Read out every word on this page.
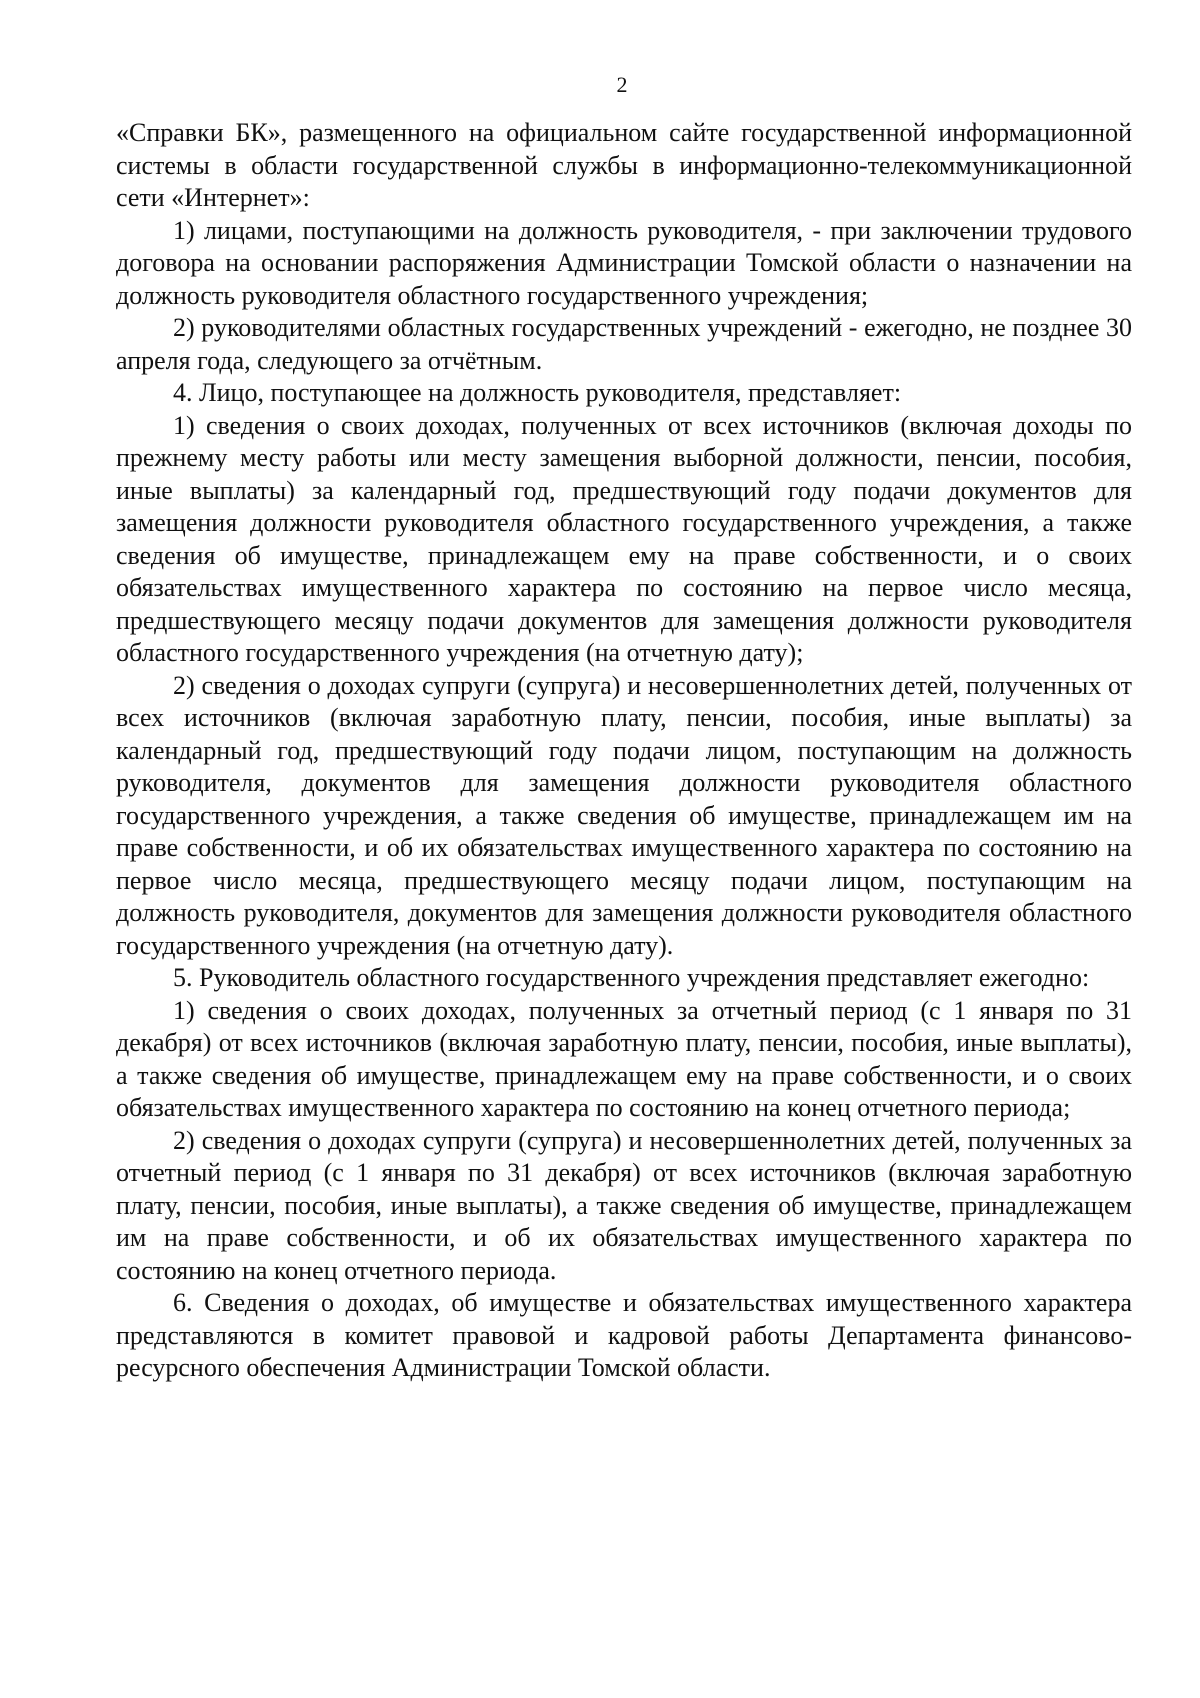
2

«Справки БК», размещенного на официальном сайте государственной информационной системы в области государственной службы в информационно-телекоммуникационной сети «Интернет»:

1) лицами, поступающими на должность руководителя, - при заключении трудового договора на основании распоряжения Администрации Томской области о назначении на должность руководителя областного государственного учреждения;

2) руководителями областных государственных учреждений - ежегодно, не позднее 30 апреля года, следующего за отчётным.

4. Лицо, поступающее на должность руководителя, представляет:

1) сведения о своих доходах, полученных от всех источников (включая доходы по прежнему месту работы или месту замещения выборной должности, пенсии, пособия, иные выплаты) за календарный год, предшествующий году подачи документов для замещения должности руководителя областного государственного учреждения, а также сведения об имуществе, принадлежащем ему на праве собственности, и о своих обязательствах имущественного характера по состоянию на первое число месяца, предшествующего месяцу подачи документов для замещения должности руководителя областного государственного учреждения (на отчетную дату);

2) сведения о доходах супруги (супруга) и несовершеннолетних детей, полученных от всех источников (включая заработную плату, пенсии, пособия, иные выплаты) за календарный год, предшествующий году подачи лицом, поступающим на должность руководителя, документов для замещения должности руководителя областного государственного учреждения, а также сведения об имуществе, принадлежащем им на праве собственности, и об их обязательствах имущественного характера по состоянию на первое число месяца, предшествующего месяцу подачи лицом, поступающим на должность руководителя, документов для замещения должности руководителя областного государственного учреждения (на отчетную дату).

5. Руководитель областного государственного учреждения представляет ежегодно:

1) сведения о своих доходах, полученных за отчетный период (с 1 января по 31 декабря) от всех источников (включая заработную плату, пенсии, пособия, иные выплаты), а также сведения об имуществе, принадлежащем ему на праве собственности, и о своих обязательствах имущественного характера по состоянию на конец отчетного периода;

2) сведения о доходах супруги (супруга) и несовершеннолетних детей, полученных за отчетный период (с 1 января по 31 декабря) от всех источников (включая заработную плату, пенсии, пособия, иные выплаты), а также сведения об имуществе, принадлежащем им на праве собственности, и об их обязательствах имущественного характера по состоянию на конец отчетного периода.

6. Сведения о доходах, об имуществе и обязательствах имущественного характера представляются в комитет правовой и кадровой работы Департамента финансово-ресурсного обеспечения Администрации Томской области.
